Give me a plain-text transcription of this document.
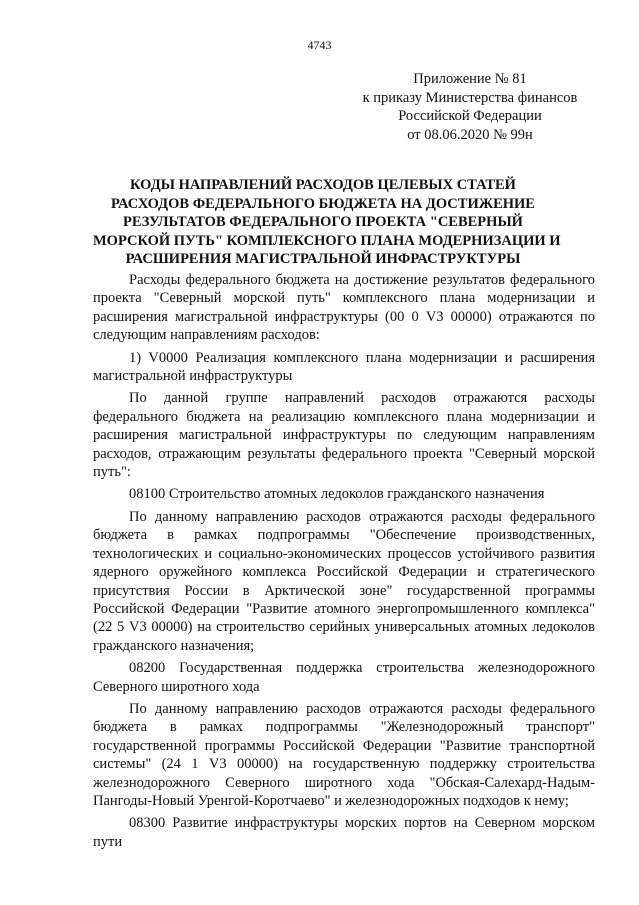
4743
Приложение № 81
к приказу Министерства финансов
Российской Федерации
от 08.06.2020 № 99н
КОДЫ НАПРАВЛЕНИЙ РАСХОДОВ ЦЕЛЕВЫХ СТАТЕЙ
РАСХОДОВ ФЕДЕРАЛЬНОГО БЮДЖЕТА НА ДОСТИЖЕНИЕ
РЕЗУЛЬТАТОВ ФЕДЕРАЛЬНОГО ПРОЕКТА "СЕВЕРНЫЙ
МОРСКОЙ ПУТЬ" КОМПЛЕКСНОГО ПЛАНА МОДЕРНИЗАЦИИ И
РАСШИРЕНИЯ МАГИСТРАЛЬНОЙ ИНФРАСТРУКТУРЫ

Расходы федерального бюджета на достижение результатов федерального проекта "Северный морской путь" комплексного плана модернизации и расширения магистральной инфраструктуры (00 0 V3 00000) отражаются по следующим направлениям расходов:

1) V0000 Реализация комплексного плана модернизации и расширения магистральной инфраструктуры

По данной группе направлений расходов отражаются расходы федерального бюджета на реализацию комплексного плана модернизации и расширения магистральной инфраструктуры по следующим направлениям расходов, отражающим результаты федерального проекта "Северный морской путь":

08100 Строительство атомных ледоколов гражданского назначения

По данному направлению расходов отражаются расходы федерального бюджета в рамках подпрограммы "Обеспечение производственных, технологических и социально-экономических процессов устойчивого развития ядерного оружейного комплекса Российской Федерации и стратегического присутствия России в Арктической зоне" государственной программы Российской Федерации "Развитие атомного энергопромышленного комплекса" (22 5 V3 00000) на строительство серийных универсальных атомных ледоколов гражданского назначения;

08200 Государственная поддержка строительства железнодорожного Северного широтного хода

По данному направлению расходов отражаются расходы федерального бюджета в рамках подпрограммы "Железнодорожный транспорт" государственной программы Российской Федерации "Развитие транспортной системы" (24 1 V3 00000) на государственную поддержку строительства железнодорожного Северного широтного хода "Обская-Салехард-Надым-Пангоды-Новый Уренгой-Коротчаево" и железнодорожных подходов к нему;

08300 Развитие инфраструктуры морских портов на Северном морском пути
